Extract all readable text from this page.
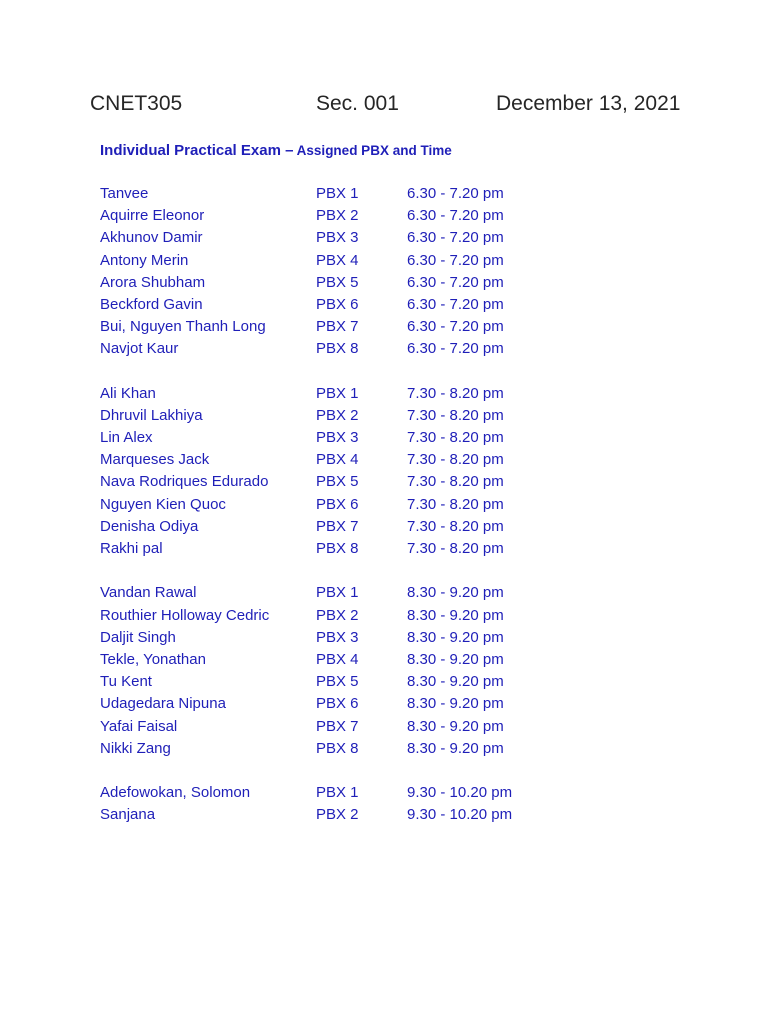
CNET305	Sec. 001	December 13, 2021
Individual Practical Exam – Assigned PBX and Time
Tanvee	PBX 1	6.30 - 7.20 pm
Aquirre Eleonor	PBX 2	6.30 - 7.20 pm
Akhunov Damir	PBX 3	6.30 - 7.20 pm
Antony Merin	PBX 4	6.30 - 7.20 pm
Arora Shubham	PBX 5	6.30 - 7.20 pm
Beckford Gavin	PBX 6	6.30 - 7.20 pm
Bui, Nguyen Thanh Long	PBX 7	6.30 - 7.20 pm
Navjot Kaur	PBX 8	6.30 - 7.20 pm
Ali Khan	PBX 1	7.30 - 8.20 pm
Dhruvil Lakhiya	PBX 2	7.30 - 8.20 pm
Lin Alex	PBX 3	7.30 - 8.20 pm
Marqueses Jack	PBX 4	7.30 - 8.20 pm
Nava Rodriques Edurado	PBX 5	7.30 - 8.20 pm
Nguyen Kien Quoc	PBX 6	7.30 - 8.20 pm
Denisha Odiya	PBX 7	7.30 - 8.20 pm
Rakhi pal	PBX 8	7.30 - 8.20 pm
Vandan Rawal	PBX 1	8.30 - 9.20 pm
Routhier Holloway Cedric	PBX 2	8.30 - 9.20 pm
Daljit Singh	PBX 3	8.30 - 9.20 pm
Tekle, Yonathan	PBX 4	8.30 - 9.20 pm
Tu Kent	PBX 5	8.30 - 9.20 pm
Udagedara Nipuna	PBX 6	8.30 - 9.20 pm
Yafai Faisal	PBX 7	8.30 - 9.20 pm
Nikki Zang	PBX 8	8.30 - 9.20 pm
Adefowokan, Solomon	PBX 1	9.30 - 10.20 pm
Sanjana	PBX 2	9.30 - 10.20 pm
